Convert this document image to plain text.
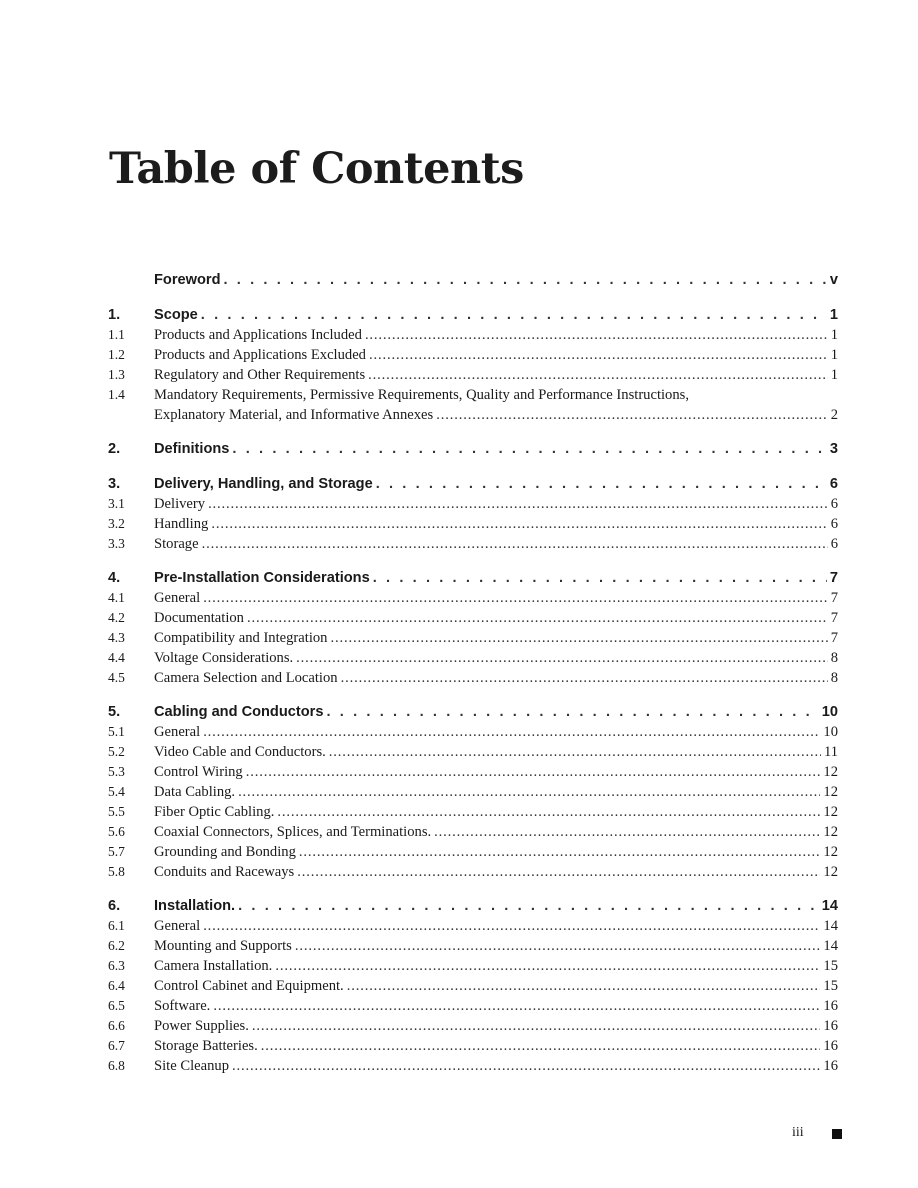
Table of Contents
Foreword . . .	v
1.	Scope . . .	1
1.1	Products and Applications Included . . .	1
1.2	Products and Applications Excluded . . .	1
1.3	Regulatory and Other Requirements . . .	1
1.4	Mandatory Requirements, Permissive Requirements, Quality and Performance Instructions,
Explanatory Material, and Informative Annexes . . .	2
2.	Definitions . . .	3
3.	Delivery, Handling, and Storage . . .	6
3.1	Delivery . . .	6
3.2	Handling . . .	6
3.3	Storage . . .	6
4.	Pre-Installation Considerations . . .	7
4.1	General . . .	7
4.2	Documentation . . .	7
4.3	Compatibility and Integration . . .	7
4.4	Voltage Considerations. . . .	8
4.5	Camera Selection and Location . . .	8
5.	Cabling and Conductors . . .	10
5.1	General . . .	10
5.2	Video Cable and Conductors. . . .	11
5.3	Control Wiring . . .	12
5.4	Data Cabling. . . .	12
5.5	Fiber Optic Cabling. . . .	12
5.6	Coaxial Connectors, Splices, and Terminations. . . .	12
5.7	Grounding and Bonding . . .	12
5.8	Conduits and Raceways . . .	12
6.	Installation. . . .	14
6.1	General . . .	14
6.2	Mounting and Supports . . .	14
6.3	Camera Installation. . . .	15
6.4	Control Cabinet and Equipment. . . .	15
6.5	Software. . . .	16
6.6	Power Supplies. . . .	16
6.7	Storage Batteries. . . .	16
6.8	Site Cleanup . . .	16
iii
